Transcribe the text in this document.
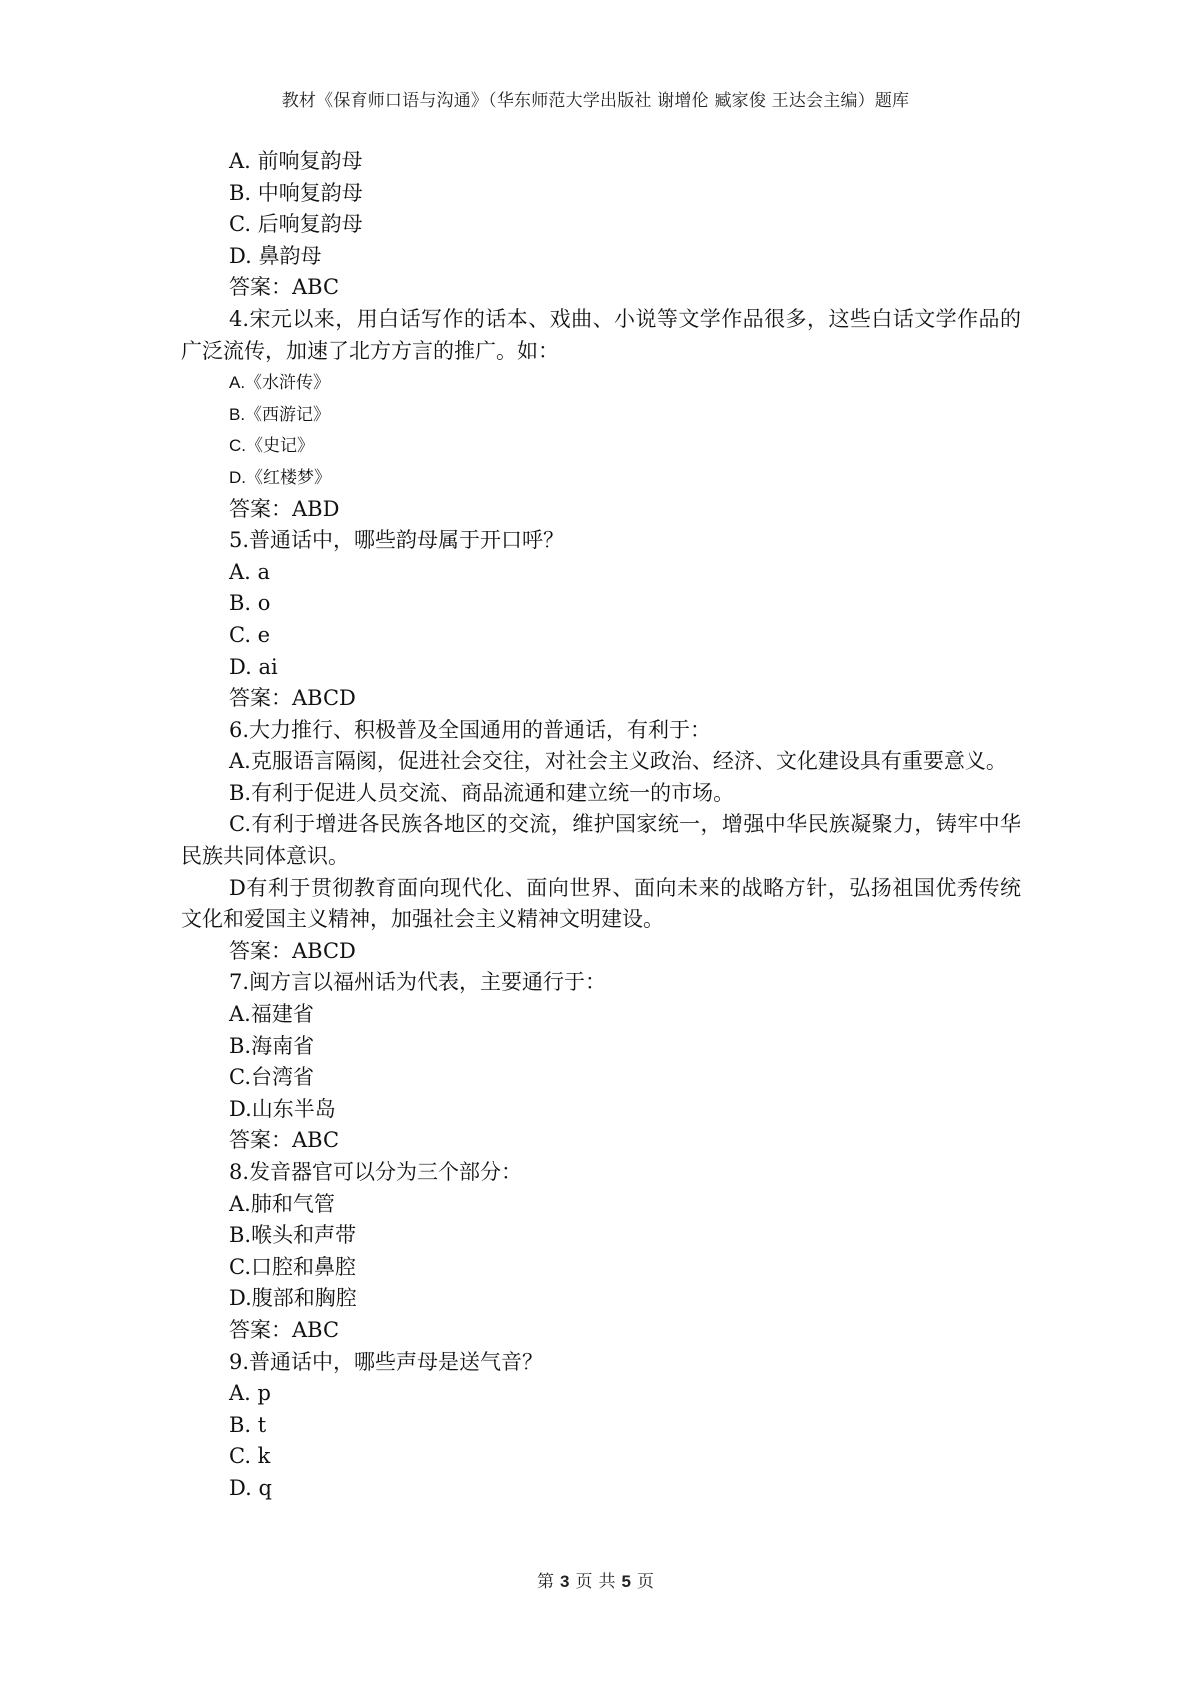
教材《保育师口语与沟通》（华东师范大学出版社 谢增伦 臧家俊 王达会主编）题库
A. 前响复韵母
B. 中响复韵母
C. 后响复韵母
D. 鼻韵母
答案：ABC
4.宋元以来，用白话写作的话本、戏曲、小说等文学作品很多，这些白话文学作品的广泛流传，加速了北方方言的推广。如：
A.《水浒传》
B.《西游记》
C.《史记》
D.《红楼梦》
答案：ABD
5.普通话中，哪些韵母属于开口呼？
A. a
B. o
C. e
D. ai
答案：ABCD
6.大力推行、积极普及全国通用的普通话，有利于：
A.克服语言隔阂，促进社会交往，对社会主义政治、经济、文化建设具有重要意义。
B.有利于促进人员交流、商品流通和建立统一的市场。
C.有利于增进各民族各地区的交流，维护国家统一，增强中华民族凝聚力，铸牢中华民族共同体意识。
D有利于贯彻教育面向现代化、面向世界、面向未来的战略方针，弘扬祖国优秀传统文化和爱国主义精神，加强社会主义精神文明建设。
答案：ABCD
7.闽方言以福州话为代表，主要通行于：
A.福建省
B.海南省
C.台湾省
D.山东半岛
答案：ABC
8.发音器官可以分为三个部分：
A.肺和气管
B.喉头和声带
C.口腔和鼻腔
D.腹部和胸腔
答案：ABC
9.普通话中，哪些声母是送气音？
A. p
B. t
C. k
D. q
第 3 页 共 5 页
